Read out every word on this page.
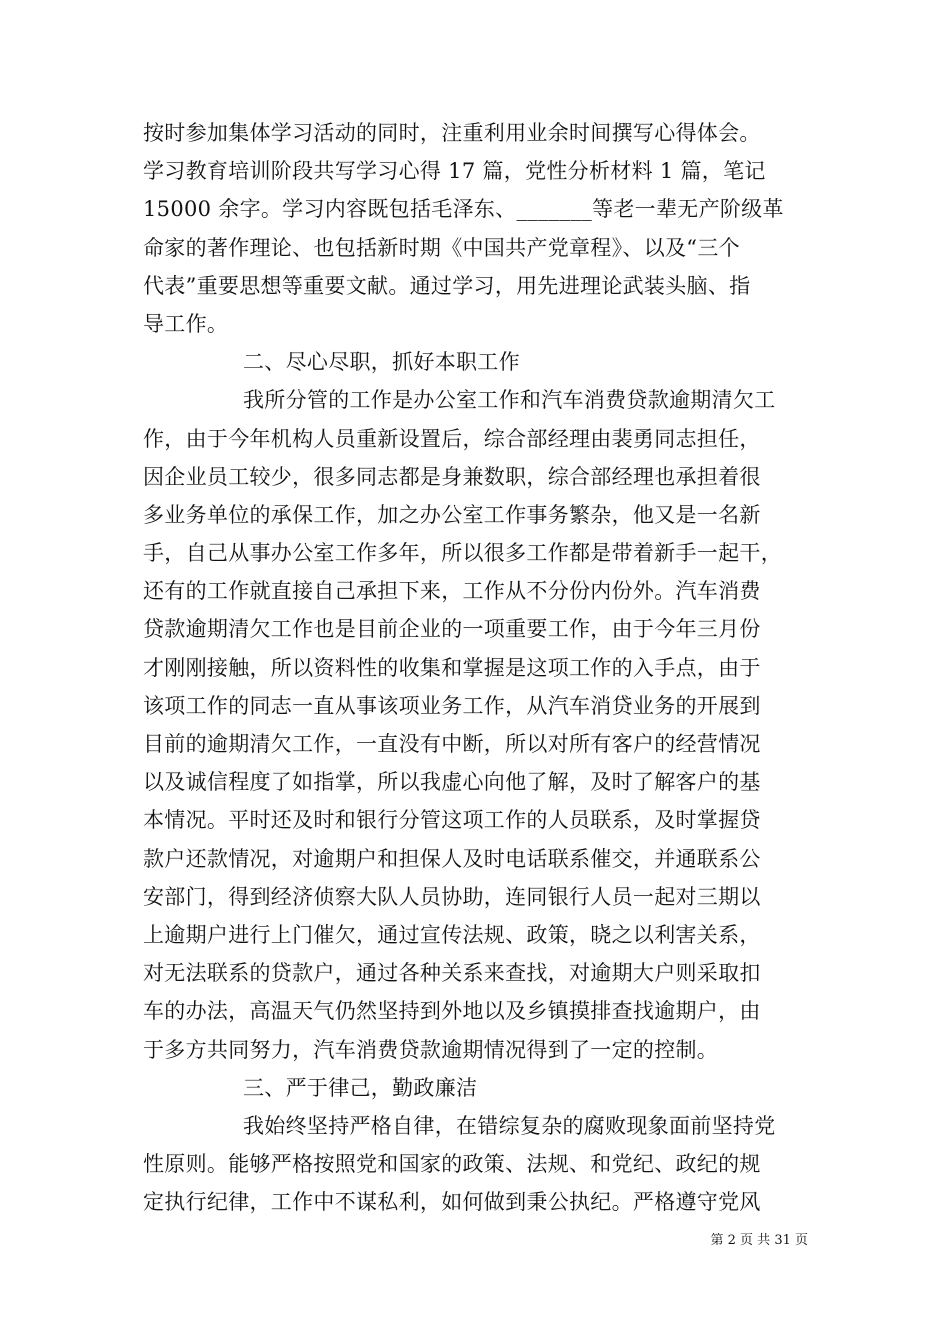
按时参加集体学习活动的同时，注重利用业余时间撰写心得体会。
学习教育培训阶段共写学习心得 17 篇，党性分析材料 1 篇，笔记
15000 余字。学习内容既包括毛泽东、_______等老一辈无产阶级革
命家的著作理论、也包括新时期《中国共产党章程》、以及“三个
代表”重要思想等重要文献。通过学习，用先进理论武装头脑、指
导工作。
二、尽心尽职，抓好本职工作
我所分管的工作是办公室工作和汽车消费贷款逾期清欠工
作，由于今年机构人员重新设置后，综合部经理由裴勇同志担任，
因企业员工较少，很多同志都是身兼数职，综合部经理也承担着很
多业务单位的承保工作，加之办公室工作事务繁杂，他又是一名新
手，自己从事办公室工作多年，所以很多工作都是带着新手一起干，
还有的工作就直接自己承担下来，工作从不分份内份外。汽车消费
贷款逾期清欠工作也是目前企业的一项重要工作，由于今年三月份
才刚刚接触，所以资料性的收集和掌握是这项工作的入手点，由于
该项工作的同志一直从事该项业务工作，从汽车消贷业务的开展到
目前的逾期清欠工作，一直没有中断，所以对所有客户的经营情况
以及诚信程度了如指掌，所以我虚心向他了解，及时了解客户的基
本情况。平时还及时和银行分管这项工作的人员联系，及时掌握贷
款户还款情况，对逾期户和担保人及时电话联系催交，并通联系公
安部门，得到经济侦察大队人员协助，连同银行人员一起对三期以
上逾期户进行上门催欠，通过宣传法规、政策，晓之以利害关系，
对无法联系的贷款户，通过各种关系来查找，对逾期大户则采取扣
车的办法，高温天气仍然坚持到外地以及乡镇摸排查找逾期户，由
于多方共同努力，汽车消费贷款逾期情况得到了一定的控制。
三、严于律己，勤政廉洁
我始终坚持严格自律，在错综复杂的腐败现象面前坚持党
性原则。能够严格按照党和国家的政策、法规、和党纪、政纪的规
定执行纪律，工作中不谋私利，如何做到秉公执纪。严格遵守党风
第 2 页 共 31 页
